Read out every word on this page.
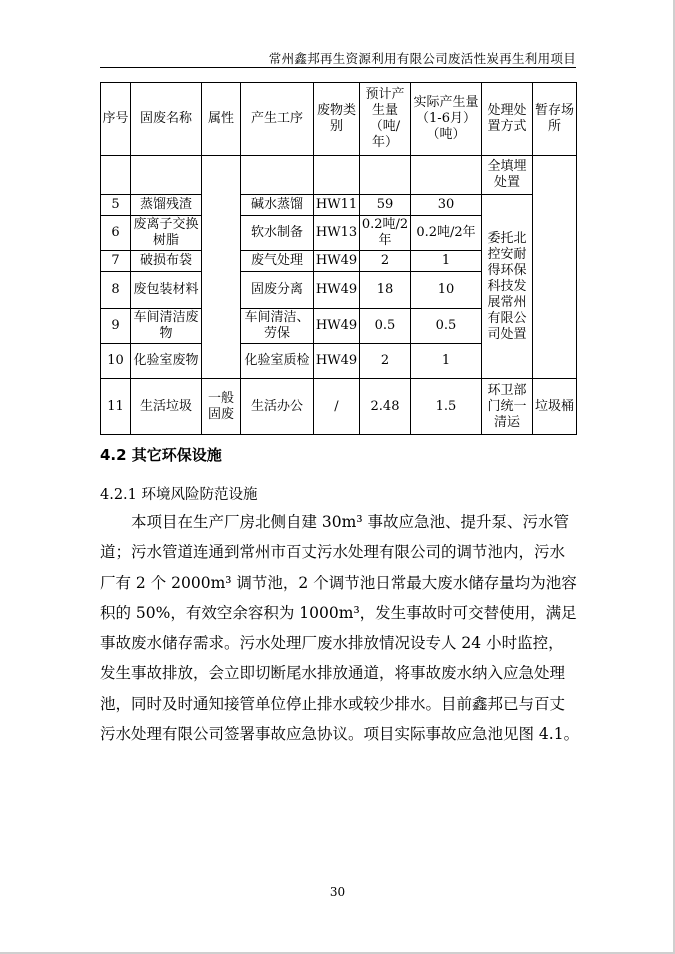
常州鑫邦再生资源利用有限公司废活性炭再生利用项目
序号	固废名称	属性	产生工序	废物类别	预计产生量（吨/年）	实际产生量（1-6月）（吨）	处理处置方式	暂存场所
							全填埋处置	
5	蒸馏残渣		碱水蒸馏	HW11	59	30	委托北控安耐得环保科技发展常州有限公司处置	
6	废离子交换树脂		软水制备	HW13	0.2吨/2年	0.2吨/2年		
7	破损布袋		废气处理	HW49	2	1		
8	废包装材料		固废分离	HW49	18	10		
9	车间清洁废物		车间清洁、劳保	HW49	0.5	0.5		
10	化验室废物		化验室质检	HW49	2	1		
11	生活垃圾	一般固废	生活办公	/	2.48	1.5	环卫部门统一清运	垃圾桶
4.2 其它环保设施
4.2.1 环境风险防范设施
本项目在生产厂房北侧自建 30m³ 事故应急池、提升泵、污水管
道；污水管道连通到常州市百丈污水处理有限公司的调节池内，污水
厂有 2 个 2000m³ 调节池，2 个调节池日常最大废水储存量均为池容
积的 50%，有效空余容积为 1000m³，发生事故时可交替使用，满足
事故废水储存需求。污水处理厂废水排放情况设专人 24 小时监控，
发生事故排放，会立即切断尾水排放通道，将事故废水纳入应急处理
池，同时及时通知接管单位停止排水或较少排水。目前鑫邦已与百丈
污水处理有限公司签署事故应急协议。项目实际事故应急池见图 4.1。
30
